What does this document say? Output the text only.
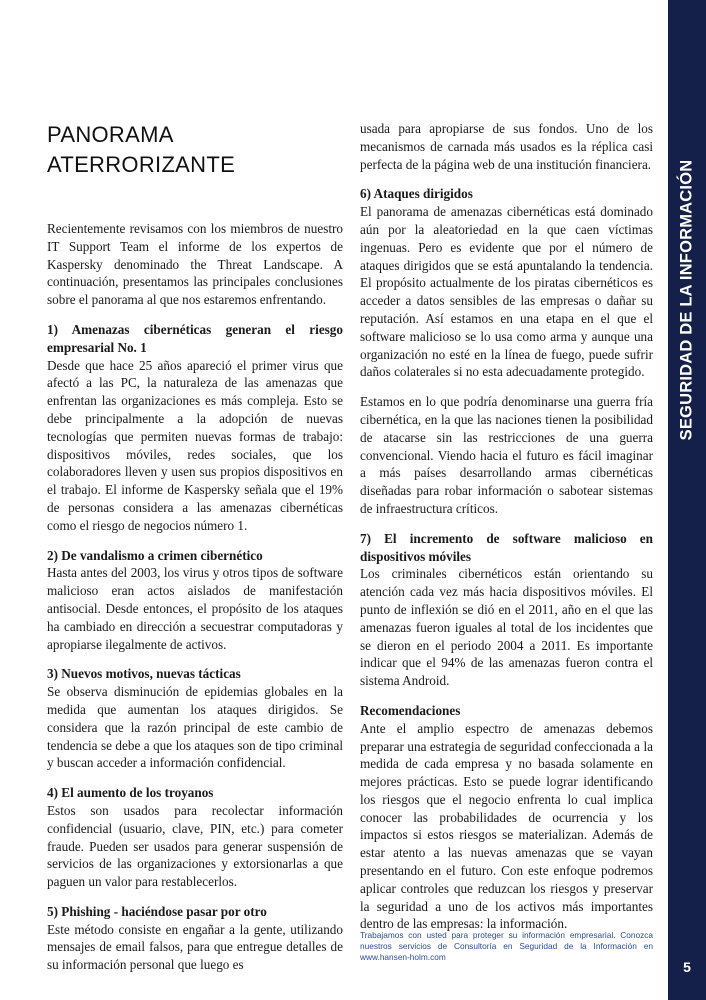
PANORAMA
ATERRORIZANTE

Recientemente revisamos con los miembros de nuestro IT Support Team el informe de los expertos de Kaspersky denominado the Threat Landscape. A continuación, presentamos las principales conclusiones sobre el panorama al que nos estaremos enfrentando.

1) Amenazas cibernéticas generan el riesgo empresarial No. 1

Desde que hace 25 años apareció el primer virus que afectó a las PC, la naturaleza de las amenazas que enfrentan las organizaciones es más compleja. Esto se debe principalmente a la adopción de nuevas tecnologías que permiten nuevas formas de trabajo: dispositivos móviles, redes sociales, que los colaboradores lleven y usen sus propios dispositivos en el trabajo. El informe de Kaspersky señala que el 19% de personas considera a las amenazas cibernéticas como el riesgo de negocios número 1.

2) De vandalismo a crimen cibernético

Hasta antes del 2003, los virus y otros tipos de software malicioso eran actos aislados de manifestación antisocial. Desde entonces, el propósito de los ataques ha cambiado en dirección a secuestrar computadoras y apropiarse ilegalmente de activos.

3) Nuevos motivos, nuevas tácticas

Se observa disminución de epidemias globales en la medida que aumentan los ataques dirigidos. Se considera que la razón principal de este cambio de tendencia se debe a que los ataques son de tipo criminal y buscan acceder a información confidencial.

4) El aumento de los troyanos

Estos son usados para recolectar información confidencial (usuario, clave, PIN, etc.) para cometer fraude. Pueden ser usados para generar suspensión de servicios de las organizaciones y extorsionarlas a que paguen un valor para restablecerlos.

5) Phishing - haciéndose pasar por otro

Este método consiste en engañar a la gente, utilizando mensajes de email falsos, para que entregue detalles de su información personal que luego es

usada para apropiarse de sus fondos. Uno de los mecanismos de carnada más usados es la réplica casi perfecta de la página web de una institución financiera.

6) Ataques dirigidos

El panorama de amenazas cibernéticas está dominado aún por la aleatoriedad en la que caen víctimas ingenuas. Pero es evidente que por el número de ataques dirigidos que se está apuntalando la tendencia. El propósito actualmente de los piratas cibernéticos es acceder a datos sensibles de las empresas o dañar su reputación. Así estamos en una etapa en el que el software malicioso se lo usa como arma y aunque una organización no esté en la línea de fuego, puede sufrir daños colaterales si no esta adecuadamente protegido.

Estamos en lo que podría denominarse una guerra fría cibernética, en la que las naciones tienen la posibilidad de atacarse sin las restricciones de una guerra convencional. Viendo hacia el futuro es fácil imaginar a más países desarrollando armas cibernéticas diseñadas para robar información o sabotear sistemas de infraestructura críticos.

7) El incremento de software malicioso en dispositivos móviles

Los criminales cibernéticos están orientando su atención cada vez más hacia dispositivos móviles. El punto de inflexión se dió en el 2011, año en el que las amenazas fueron iguales al total de los incidentes que se dieron en el periodo 2004 a 2011. Es importante indicar que el 94% de las amenazas fueron contra el sistema Android.

Recomendaciones

Ante el amplio espectro de amenazas debemos preparar una estrategia de seguridad confeccionada a la medida de cada empresa y no basada solamente en mejores prácticas. Esto se puede lograr identificando los riesgos que el negocio enfrenta lo cual implica conocer las probabilidades de ocurrencia y los impactos si estos riesgos se materializan. Además de estar atento a las nuevas amenazas que se vayan presentando en el futuro. Con este enfoque podremos aplicar controles que reduzcan los riesgos y preservar la seguridad a uno de los activos más importantes dentro de las empresas: la información.

Trabajamos con usted para proteger su información empresarial. Conozca nuestros servicios de Consultoría en Seguridad de la Información en www.hansen-holm.com
SEGURIDAD DE LA INFORMACIÓN
5
